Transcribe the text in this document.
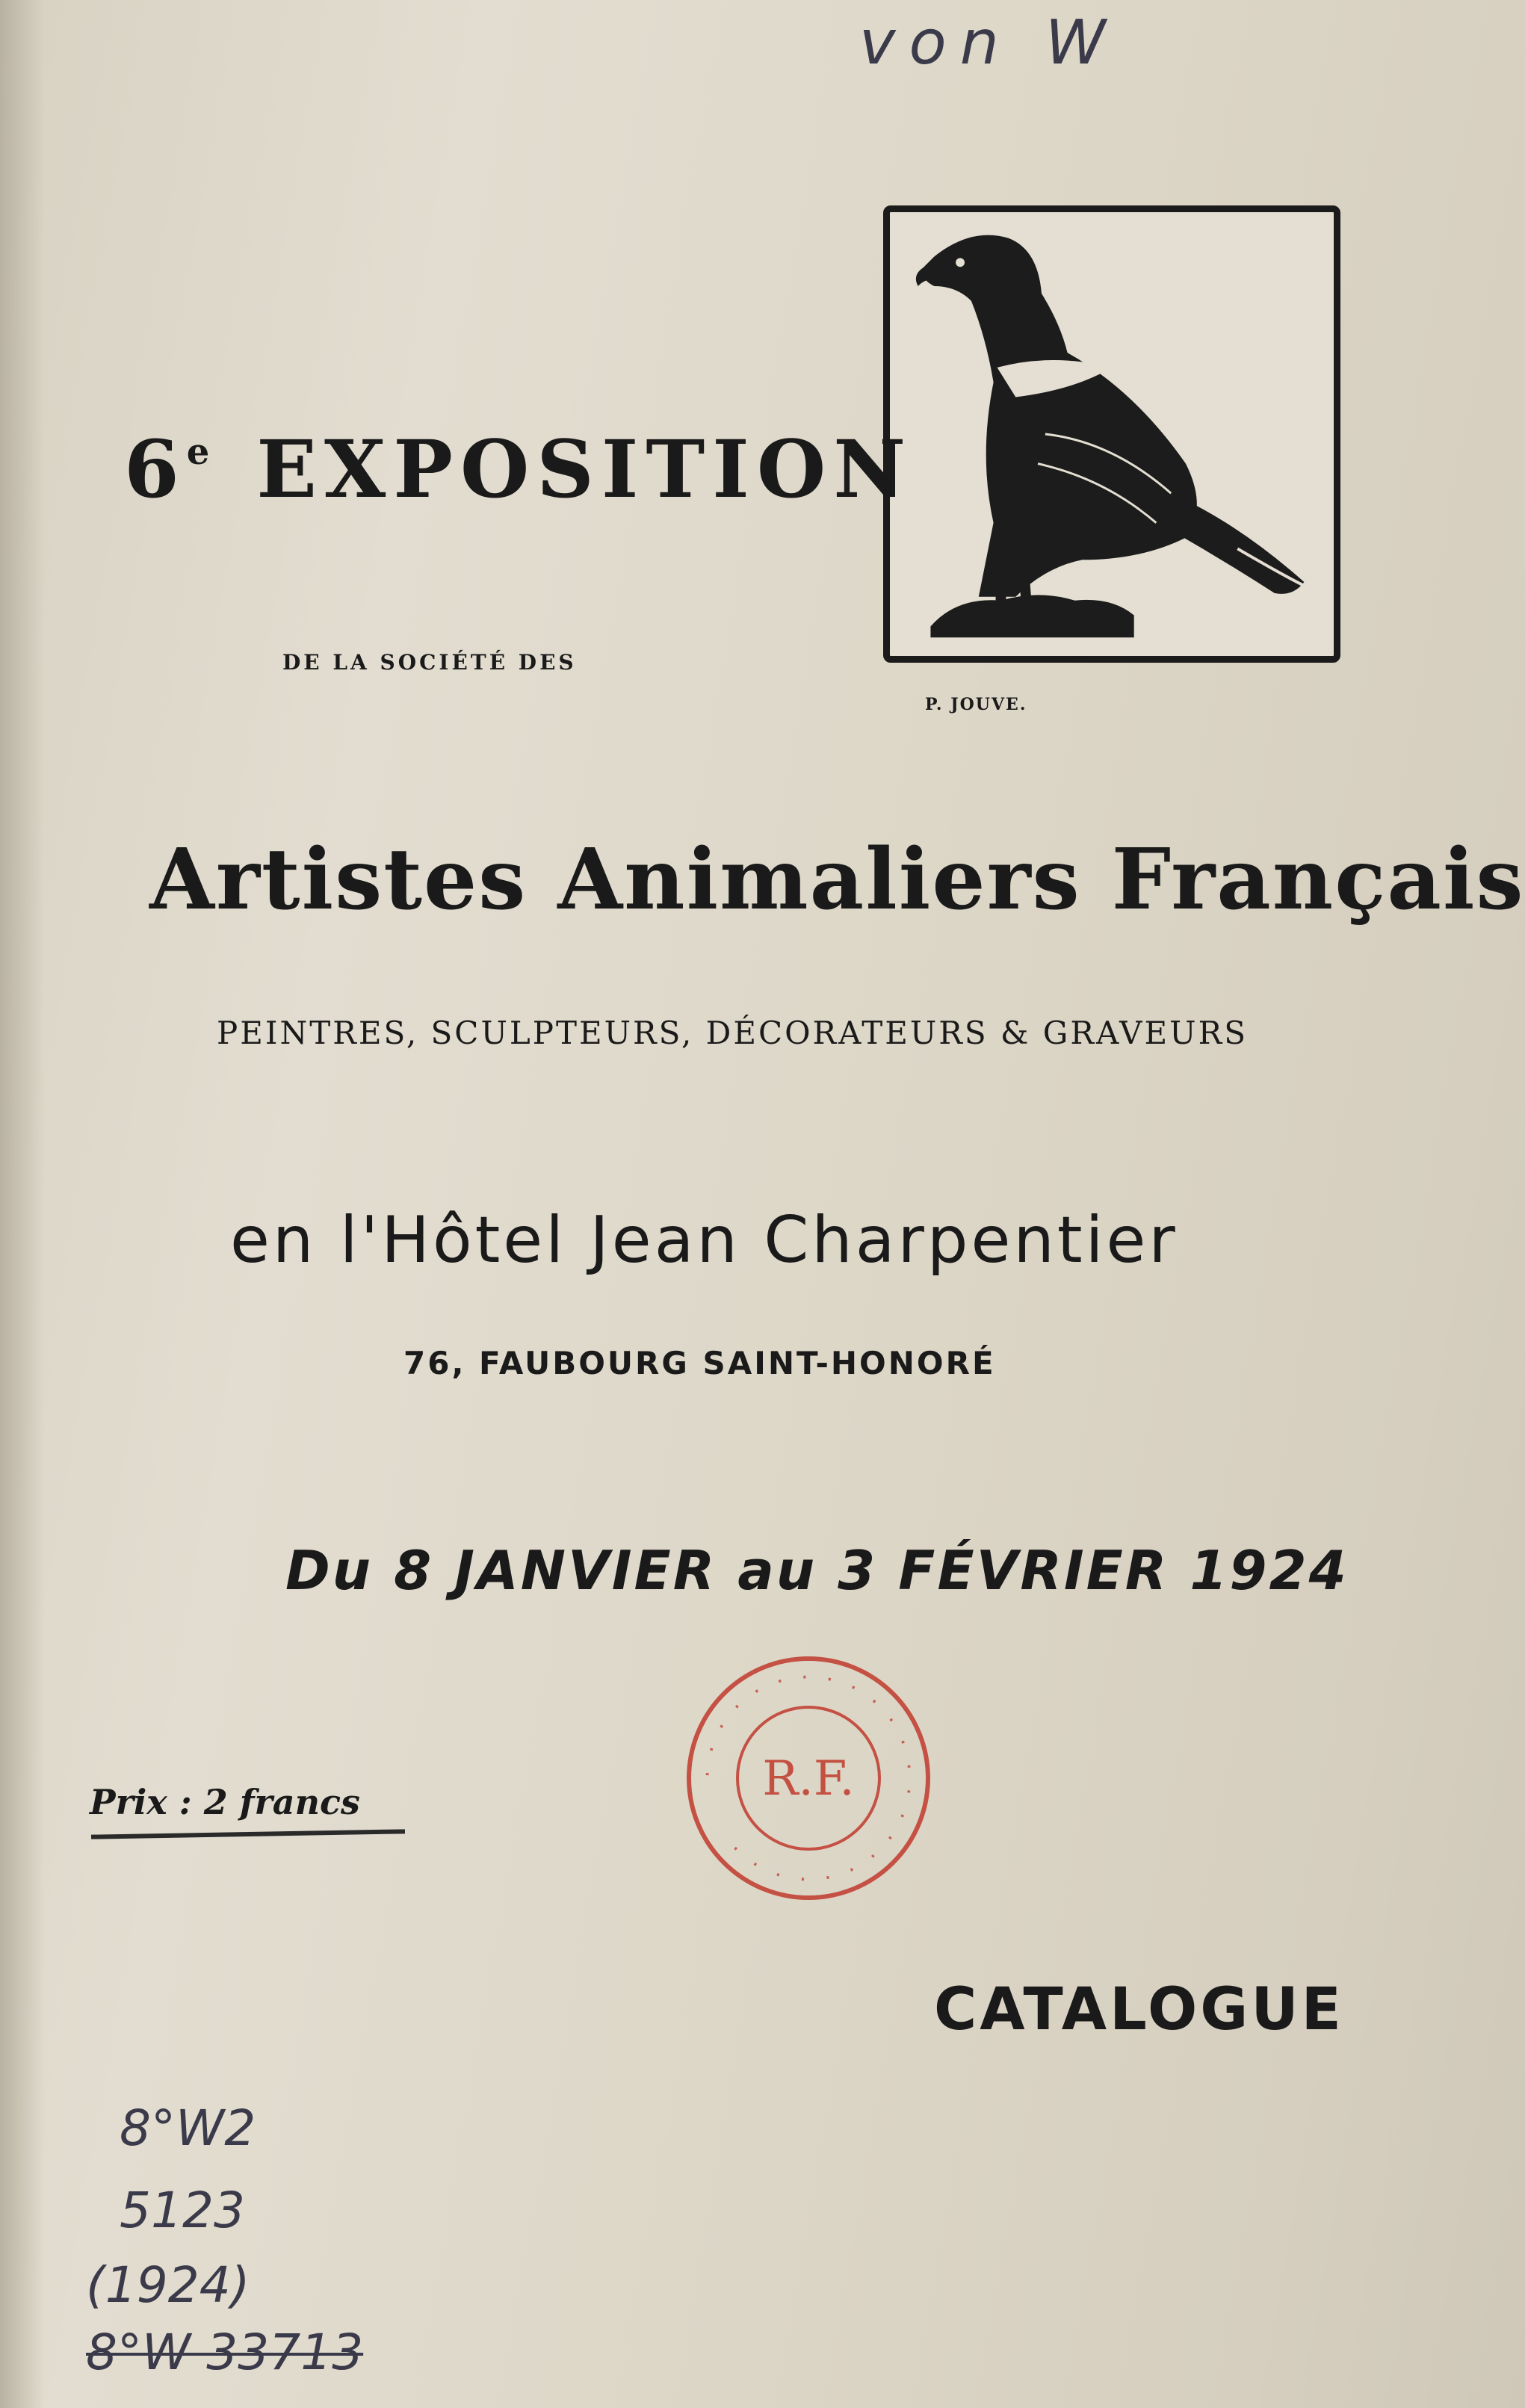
von W
P. JOUVE.
6e EXPOSITION
DE LA SOCIÉTÉ DES
Artistes Animaliers Français
PEINTRES, SCULPTEURS, DÉCORATEURS & GRAVEURS
en l'Hôtel Jean Charpentier
76, FAUBOURG SAINT-HONORÉ
Du 8 JANVIER au 3 FÉVRIER 1924
Prix : 2 francs
· · · · · · · · · · · · · · · · · · · · · · ·
R.F.
CATALOGUE
8°W2
5123
(1924)
8°W 33713
